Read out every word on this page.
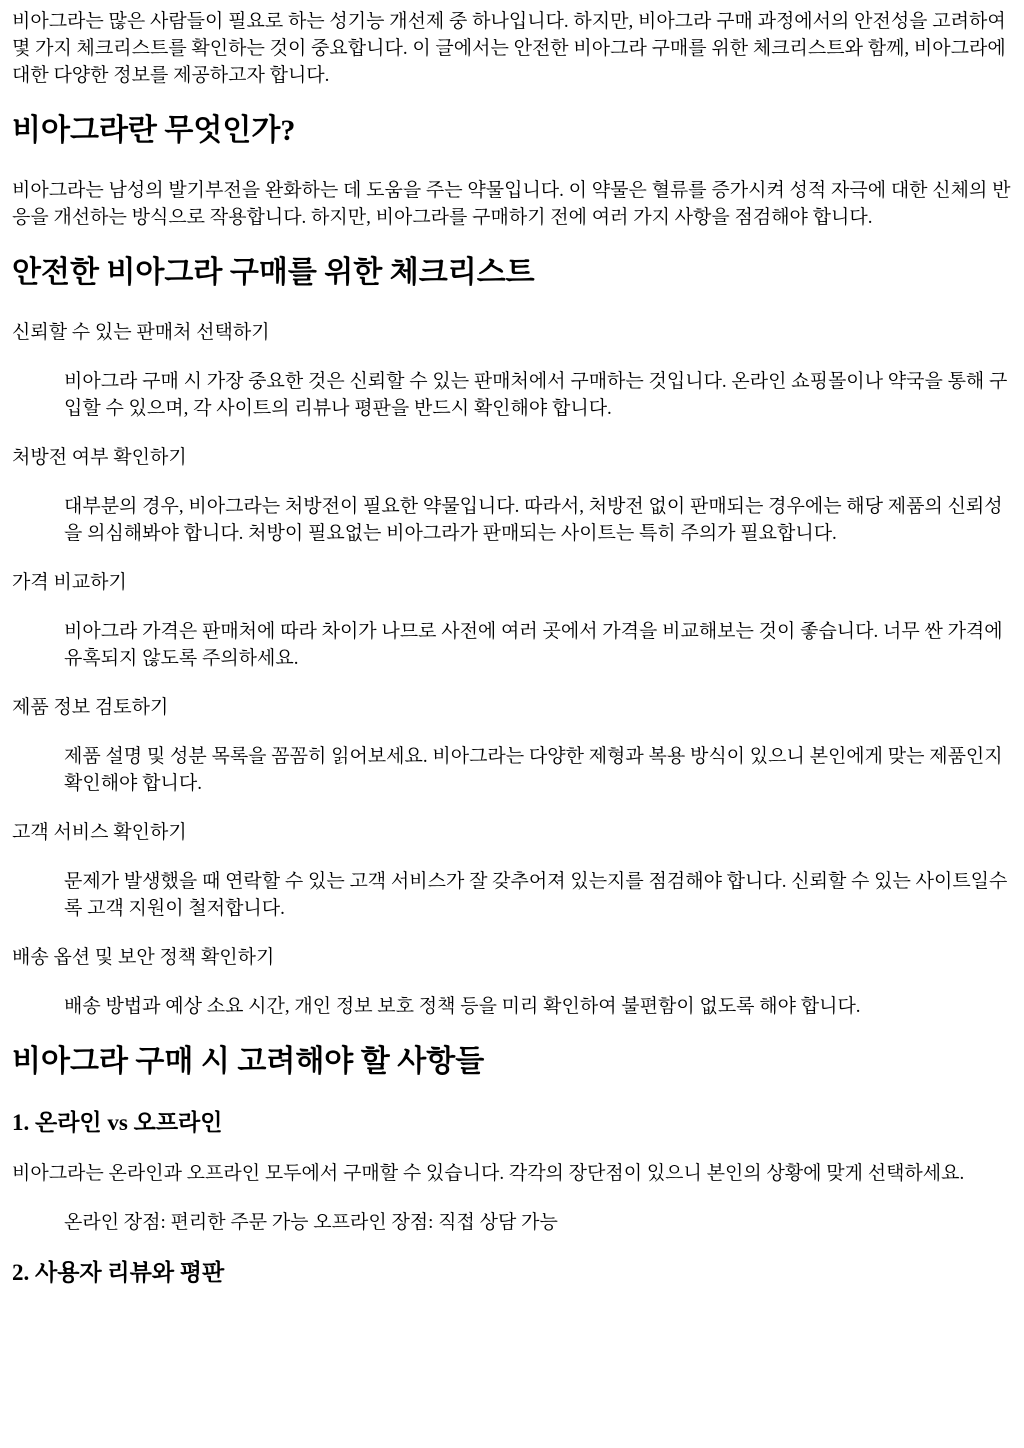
비아그라는 많은 사람들이 필요로 하는 성기능 개선제 중 하나입니다. 하지만, 비아그라 구매 과정에서의 안전성을 고려하여 몇 가지 체크리스트를 확인하는 것이 중요합니다. 이 글에서는 안전한 비아그라 구매를 위한 체크리스트와 함께, 비아그라에 대한 다양한 정보를 제공하고자 합니다.

비아그라란 무엇인가?

비아그라는 남성의 발기부전을 완화하는 데 도움을 주는 약물입니다. 이 약물은 혈류를 증가시켜 성적 자극에 대한 신체의 반응을 개선하는 방식으로 작용합니다. 하지만, 비아그라를 구매하기 전에 여러 가지 사항을 점검해야 합니다.

안전한 비아그라 구매를 위한 체크리스트
신뢰할 수 있는 판매처 선택하기
비아그라 구매 시 가장 중요한 것은 신뢰할 수 있는 판매처에서 구매하는 것입니다. 온라인 쇼핑몰이나 약국을 통해 구입할 수 있으며, 각 사이트의 리뷰나 평판을 반드시 확인해야 합니다.
처방전 여부 확인하기
대부분의 경우, 비아그라는 처방전이 필요한 약물입니다. 따라서, 처방전 없이 판매되는 경우에는 해당 제품의 신뢰성을 의심해봐야 합니다. 처방이 필요없는 비아그라가 판매되는 사이트는 특히 주의가 필요합니다.
가격 비교하기
비아그라 가격은 판매처에 따라 차이가 나므로 사전에 여러 곳에서 가격을 비교해보는 것이 좋습니다. 너무 싼 가격에 유혹되지 않도록 주의하세요.
제품 정보 검토하기
제품 설명 및 성분 목록을 꼼꼼히 읽어보세요. 비아그라는 다양한 제형과 복용 방식이 있으니 본인에게 맞는 제품인지 확인해야 합니다.
고객 서비스 확인하기
문제가 발생했을 때 연락할 수 있는 고객 서비스가 잘 갖추어져 있는지를 점검해야 합니다. 신뢰할 수 있는 사이트일수록 고객 지원이 철저합니다.
배송 옵션 및 보안 정책 확인하기
배송 방법과 예상 소요 시간, 개인 정보 보호 정책 등을 미리 확인하여 불편함이 없도록 해야 합니다.
비아그라 구매 시 고려해야 할 사항들
1. 온라인 vs 오프라인

비아그라는 온라인과 오프라인 모두에서 구매할 수 있습니다. 각각의 장단점이 있으니 본인의 상황에 맞게 선택하세요.

온라인 장점: 편리한 주문 가능 오프라인 장점: 직접 상담 가능
2. 사용자 리뷰와 평판
